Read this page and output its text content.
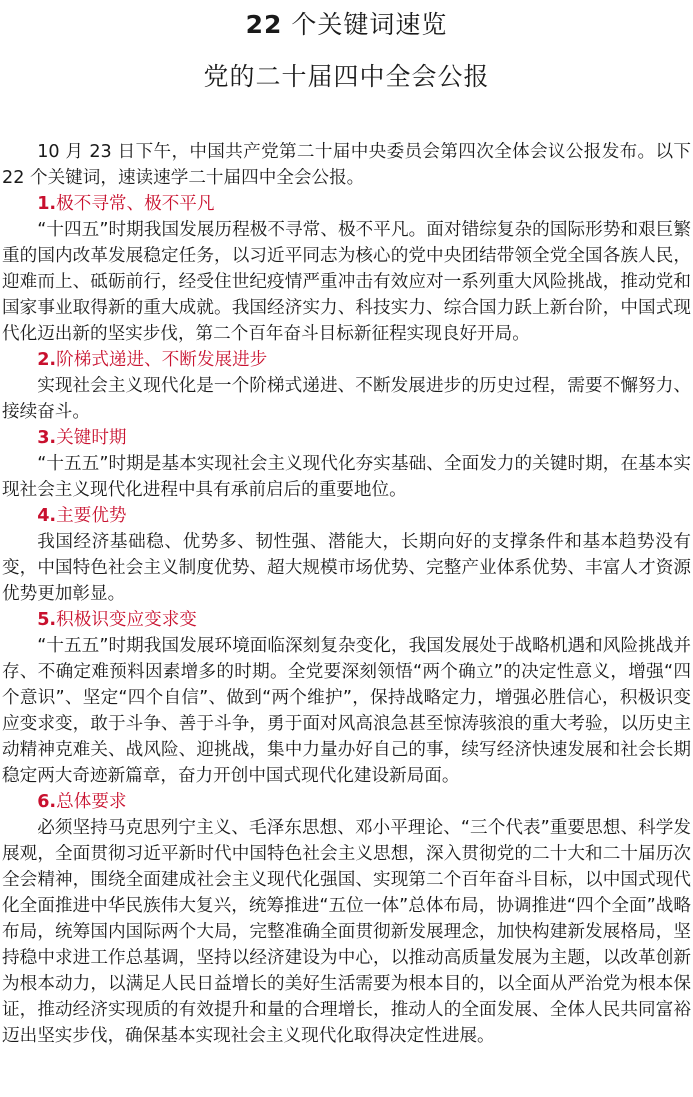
22 个关键词速览
党的二十届四中全会公报

10 月 23 日下午，中国共产党第二十届中央委员会第四次全体会议公报发布。以下 22 个关键词，速读速学二十届四中全会公报。

1.极不寻常、极不平凡

“十四五”时期我国发展历程极不寻常、极不平凡。面对错综复杂的国际形势和艰巨繁重的国内改革发展稳定任务，以习近平同志为核心的党中央团结带领全党全国各族人民，迎难而上、砥砺前行，经受住世纪疫情严重冲击有效应对一系列重大风险挑战，推动党和国家事业取得新的重大成就。我国经济实力、科技实力、综合国力跃上新台阶，中国式现代化迈出新的坚实步伐，第二个百年奋斗目标新征程实现良好开局。

2.阶梯式递进、不断发展进步

实现社会主义现代化是一个阶梯式递进、不断发展进步的历史过程，需要不懈努力、接续奋斗。

3.关键时期

“十五五”时期是基本实现社会主义现代化夯实基础、全面发力的关键时期，在基本实现社会主义现代化进程中具有承前启后的重要地位。

4.主要优势

我国经济基础稳、优势多、韧性强、潜能大，长期向好的支撑条件和基本趋势没有变，中国特色社会主义制度优势、超大规模市场优势、完整产业体系优势、丰富人才资源优势更加彰显。

5.积极识变应变求变

“十五五”时期我国发展环境面临深刻复杂变化，我国发展处于战略机遇和风险挑战并存、不确定难预料因素增多的时期。全党要深刻领悟“两个确立”的决定性意义，增强“四个意识”、坚定“四个自信”、做到“两个维护”，保持战略定力，增强必胜信心，积极识变应变求变，敢于斗争、善于斗争，勇于面对风高浪急甚至惊涛骇浪的重大考验，以历史主动精神克难关、战风险、迎挑战，集中力量办好自己的事，续写经济快速发展和社会长期稳定两大奇迹新篇章，奋力开创中国式现代化建设新局面。

6.总体要求

必须坚持马克思列宁主义、毛泽东思想、邓小平理论、“三个代表”重要思想、科学发展观，全面贯彻习近平新时代中国特色社会主义思想，深入贯彻党的二十大和二十届历次全会精神，围绕全面建成社会主义现代化强国、实现第二个百年奋斗目标，以中国式现代化全面推进中华民族伟大复兴，统筹推进“五位一体”总体布局，协调推进“四个全面”战略布局，统筹国内国际两个大局，完整准确全面贯彻新发展理念，加快构建新发展格局，坚持稳中求进工作总基调，坚持以经济建设为中心，以推动高质量发展为主题，以改革创新为根本动力，以满足人民日益增长的美好生活需要为根本目的，以全面从严治党为根本保证，推动经济实现质的有效提升和量的合理增长，推动人的全面发展、全体人民共同富裕迈出坚实步伐，确保基本实现社会主义现代化取得决定性进展。
